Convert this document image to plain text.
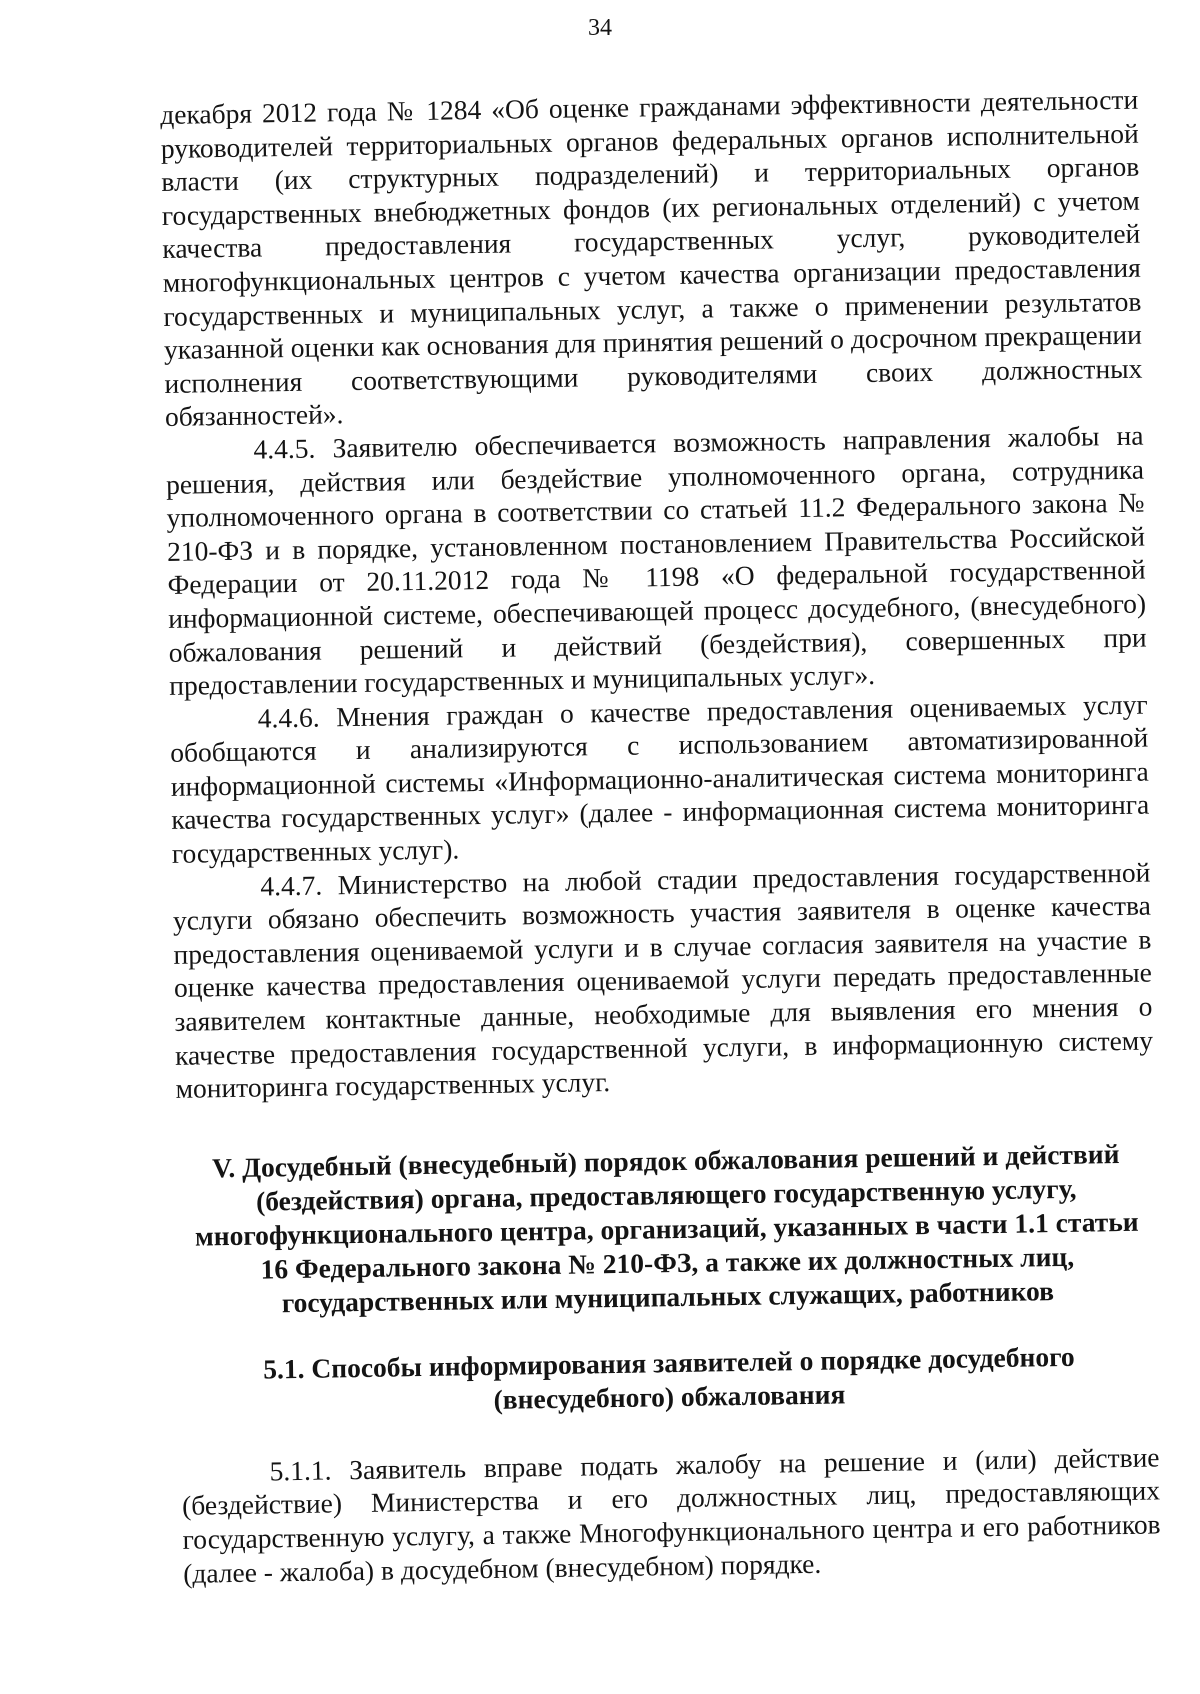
34

декабря 2012 года № 1284 «Об оценке гражданами эффективности деятельности руководителей территориальных органов федеральных органов исполнительной власти (их структурных подразделений) и территориальных органов государственных внебюджетных фондов (их региональных отделений) с учетом качества предоставления государственных услуг, руководителей многофункциональных центров с учетом качества организации предоставления государственных и муниципальных услуг, а также о применении результатов указанной оценки как основания для принятия решений о досрочном прекращении исполнения соответствующими руководителями своих должностных обязанностей».

4.4.5. Заявителю обеспечивается возможность направления жалобы на решения, действия или бездействие уполномоченного органа, сотрудника уполномоченного органа в соответствии со статьей 11.2 Федерального закона № 210-ФЗ и в порядке, установленном постановлением Правительства Российской Федерации от 20.11.2012 года № 1198 «О федеральной государственной информационной системе, обеспечивающей процесс досудебного, (внесудебного) обжалования решений и действий (бездействия), совершенных при предоставлении государственных и муниципальных услуг».

4.4.6. Мнения граждан о качестве предоставления оцениваемых услуг обобщаются и анализируются с использованием автоматизированной информационной системы «Информационно-аналитическая система мониторинга качества государственных услуг» (далее - информационная система мониторинга государственных услуг).

4.4.7. Министерство на любой стадии предоставления государственной услуги обязано обеспечить возможность участия заявителя в оценке качества предоставления оцениваемой услуги и в случае согласия заявителя на участие в оценке качества предоставления оцениваемой услуги передать предоставленные заявителем контактные данные, необходимые для выявления его мнения о качестве предоставления государственной услуги, в информационную систему мониторинга государственных услуг.

V. Досудебный (внесудебный) порядок обжалования решений и действий (бездействия) органа, предоставляющего государственную услугу, многофункционального центра, организаций, указанных в части 1.1 статьи 16 Федерального закона № 210-ФЗ, а также их должностных лиц, государственных или муниципальных служащих, работников
5.1. Способы информирования заявителей о порядке досудебного (внесудебного) обжалования

5.1.1. Заявитель вправе подать жалобу на решение и (или) действие (бездействие) Министерства и его должностных лиц, предоставляющих государственную услугу, а также Многофункционального центра и его работников (далее - жалоба) в досудебном (внесудебном) порядке.
